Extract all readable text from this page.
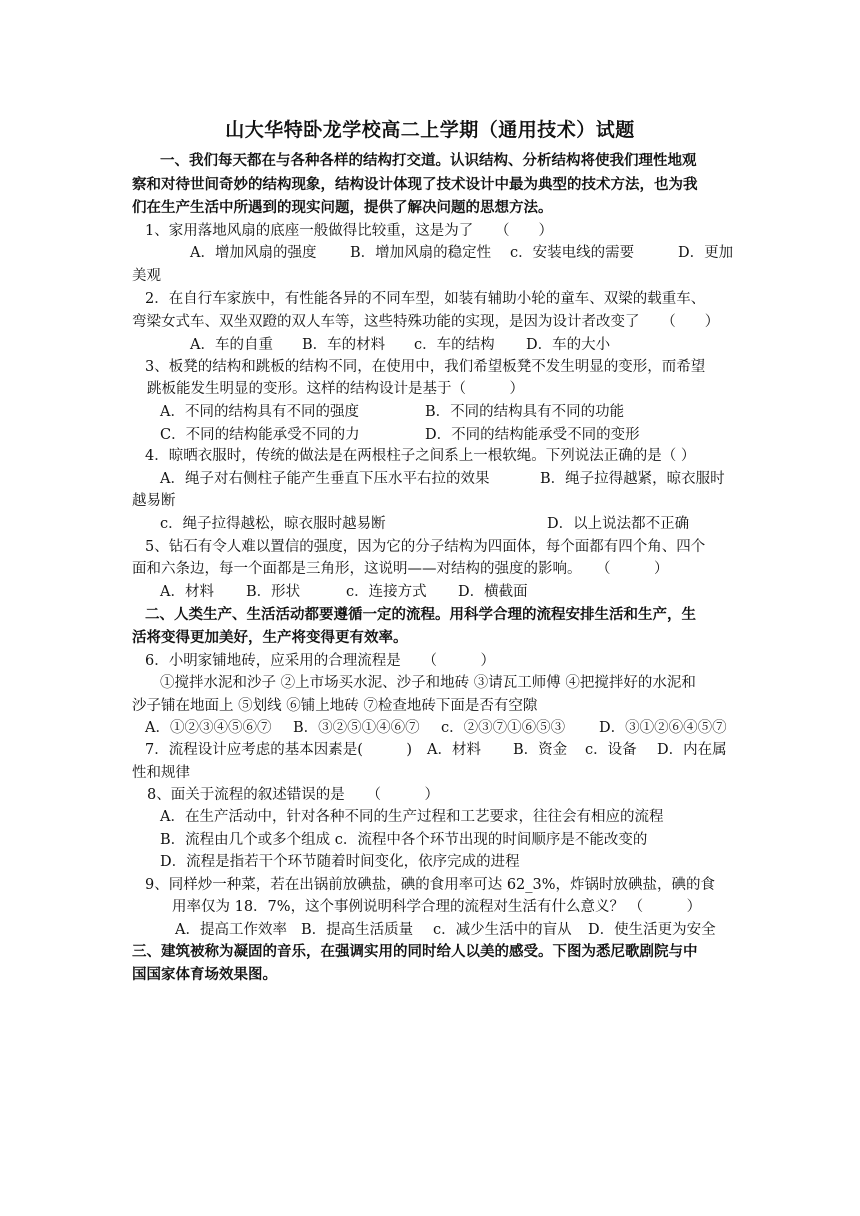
山大华特卧龙学校高二上学期（通用技术）试题
一、我们每天都在与各种各样的结构打交道。认识结构、分析结构将使我们理性地观
察和对待世间奇妙的结构现象，结构设计体现了技术设计中最为典型的技术方法，也为我
们在生产生活中所遇到的现实问题，提供了解决问题的思想方法。
1、家用落地风扇的底座一般做得比较重，这是为了　　（　　）
A．增加风扇的强度 B．增加风扇的稳定性 c．安装电线的需要	D．更加
美观
2．在自行车家族中，有性能各异的不同车型，如装有辅助小轮的童车、双梁的载重车、
弯梁女式车、双坐双蹬的双人车等，这些特殊功能的实现，是因为设计者改变了　　（　　）
A．车的自重 B．车的材料 c．车的结构 D．车的大小
3、板凳的结构和跳板的结构不同，在使用中，我们希望板凳不发生明显的变形，而希望
跳板能发生明显的变形。这样的结构设计是基于（　　　）
A．不同的结构具有不同的强度	B．不同的结构具有不同的功能
C．不同的结构能承受不同的力	D．不同的结构能承受不同的变形
4．晾晒衣服时，传统的做法是在两根柱子之间系上一根软绳。下列说法正确的是（ ）
A．绳子对右侧柱子能产生垂直下压水平右拉的效果	B．绳子拉得越紧，晾衣服时
越易断
c．绳子拉得越松，晾衣服时越易断	D．以上说法都不正确
5、钻石有令人难以置信的强度，因为它的分子结构为四面体，每个面都有四个角、四个
面和六条边，每一个面都是三角形，这说明——对结构的强度的影响。　　（　　　）
A．材料 B．形状	c．连接方式 D．横截面
二、人类生产、生活活动都要遵循一定的流程。用科学合理的流程安排生活和生产，生
活将变得更加美好，生产将变得更有效率。
6．小明家铺地砖，应采用的合理流程是　　（　　　）
①搅拌水泥和沙子 ②上市场买水泥、沙子和地砖 ③请瓦工师傅 ④把搅拌好的水泥和
沙子铺在地面上 ⑤划线 ⑥铺上地砖 ⑦检查地砖下面是否有空隙
A．①②③④⑤⑥⑦ B．③②⑤①④⑥⑦ c．②③⑦①⑥⑤③ D．③①②⑥④⑤⑦
7．流程设计应考虑的基本因素是(　　　) A．材料 B．资金 c．设备 D．内在属
性和规律
8、面关于流程的叙述错误的是　　（　　　）
A．在生产活动中，针对各种不同的生产过程和工艺要求，往往会有相应的流程
B．流程由几个或多个组成 c．流程中各个环节出现的时间顺序是不能改变的
D．流程是指若干个环节随着时间变化，依序完成的进程
9、同样炒一种菜，若在出锅前放碘盐，碘的食用率可达 62_3%，炸锅时放碘盐，碘的食
用率仅为 18．7%，这个事例说明科学合理的流程对生活有什么意义？ （　　　）
A．提高工作效率 B．提高生活质量 c．减少生活中的盲从 D．使生活更为安全
三、建筑被称为凝固的音乐，在强调实用的同时给人以美的感受。下图为悉尼歌剧院与中
国国家体育场效果图。
